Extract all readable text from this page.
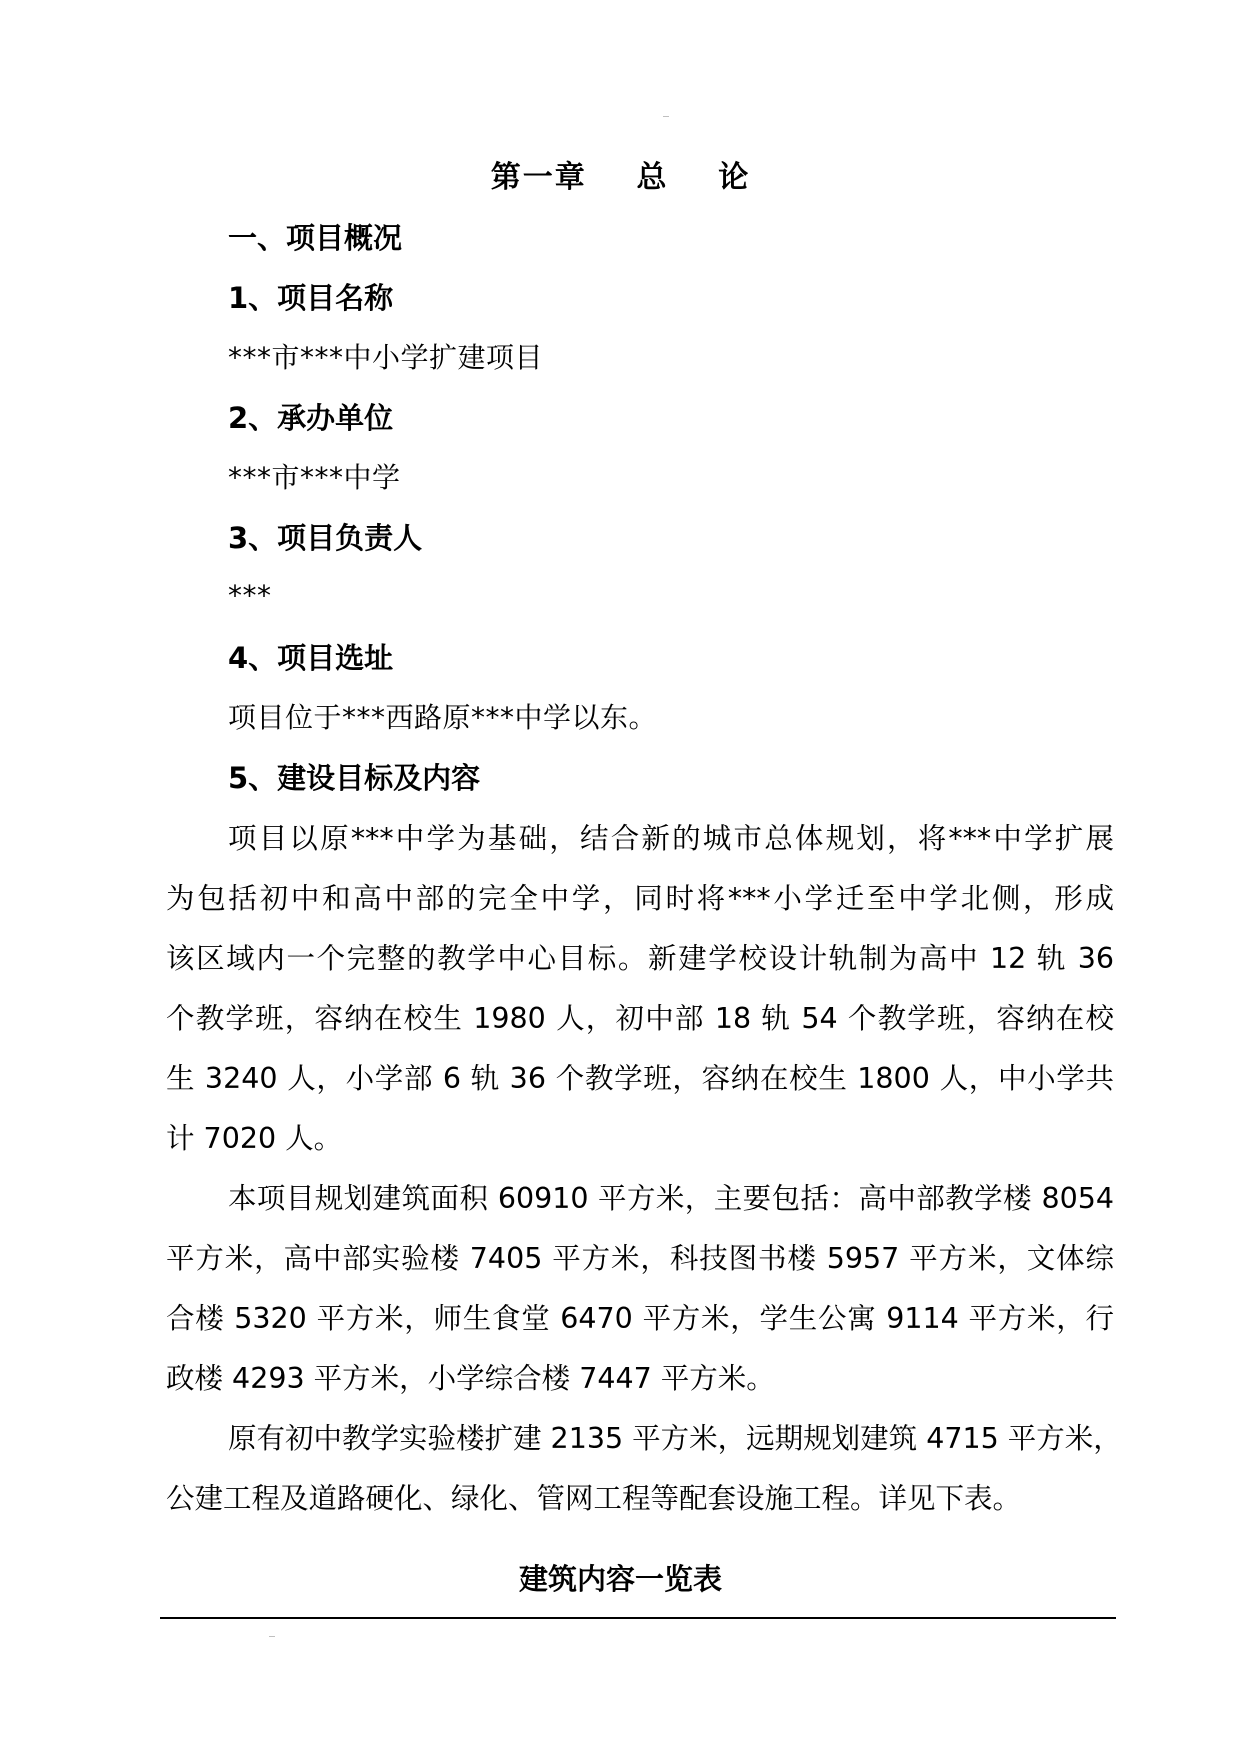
第一章    总    论
一、项目概况
1、项目名称
***市***中小学扩建项目
2、承办单位
***市***中学
3、项目负责人
***
4、项目选址
项目位于***西路原***中学以东。
5、建设目标及内容
项目以原***中学为基础，结合新的城市总体规划，将***中学扩展
为包括初中和高中部的完全中学，同时将***小学迁至中学北侧，形成
该区域内一个完整的教学中心目标。新建学校设计轨制为高中 12 轨 36
个教学班，容纳在校生 1980 人，初中部 18 轨 54 个教学班，容纳在校
生 3240 人，小学部 6 轨 36 个教学班，容纳在校生 1800 人，中小学共
计 7020 人。
本项目规划建筑面积 60910 平方米，主要包括：高中部教学楼 8054
平方米，高中部实验楼 7405 平方米，科技图书楼 5957 平方米，文体综
合楼 5320 平方米，师生食堂 6470 平方米，学生公寓 9114 平方米，行
政楼 4293 平方米，小学综合楼 7447 平方米。
原有初中教学实验楼扩建 2135 平方米，远期规划建筑 4715 平方米，
公建工程及道路硬化、绿化、管网工程等配套设施工程。详见下表。
建筑内容一览表
